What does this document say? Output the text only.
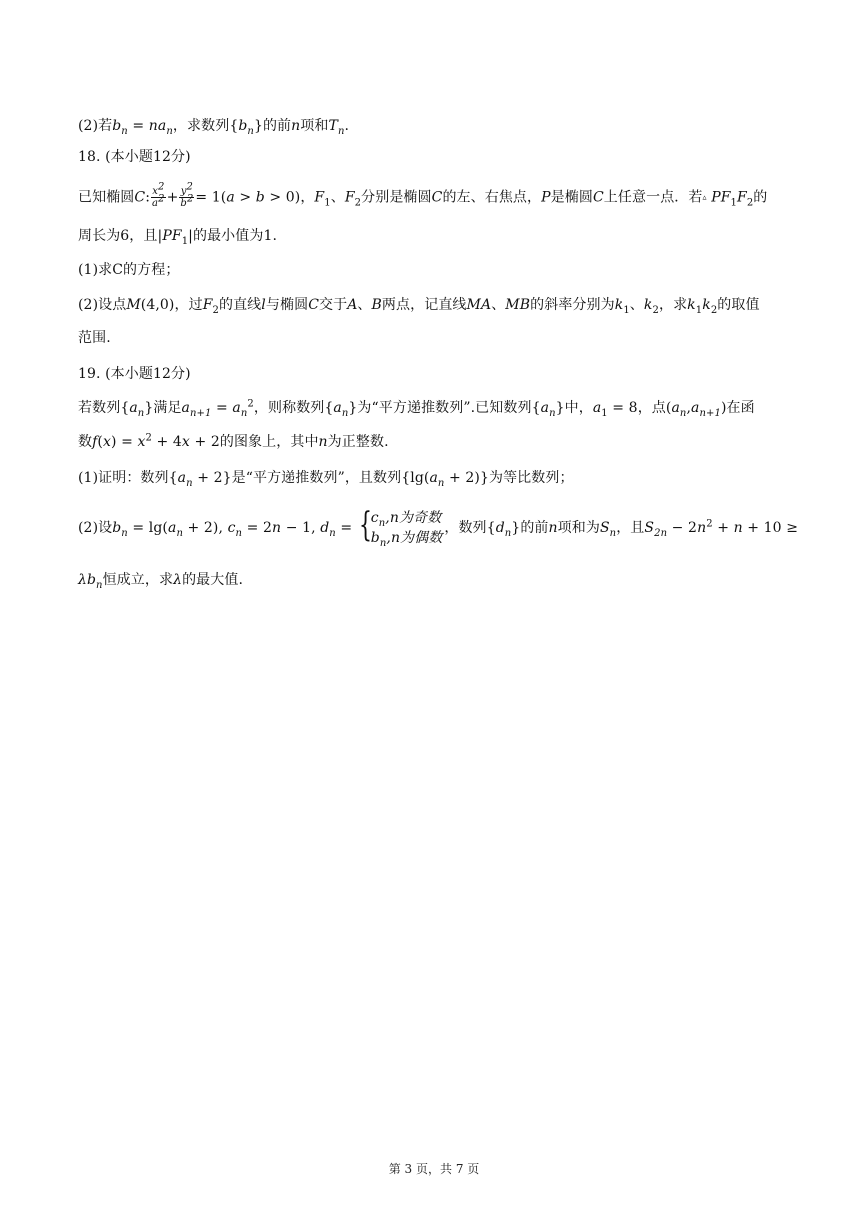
(2)若$b_n = na_n$，求数列$\{b_n\}$的前n项和$T_n$.
18. (本小题12分)
已知椭圆C: $\frac{x^2}{a^2} + \frac{y^2}{b^2} = 1(a > b > 0)$，$F_1$、$F_2$分别是椭圆C的左、右焦点，P是椭圆C上任意一点．若▵ $PF_1F_2$的
周长为6，且$|PF_1|$的最小值为1.
(1)求C的方程；
(2)设点M(4,0)，过$F_2$的直线l与椭圆C交于A、B两点，记直线MA、MB的斜率分别为$k_1$、$k_2$，求$k_1k_2$的取值
范围.
19. (本小题12分)
若数列$\{a_n\}$满足$a_{n+1} = a_n^2$，则称数列$\{a_n\}$为“平方递推数列”.已知数列$\{a_n\}$中，$a_1 = 8$，点$(a_n,a_{n+1})$在函
数$f(x) = x^2 + 4x + 2$的图象上，其中n为正整数.
(1)证明：数列$\{a_n + 2\}$是“平方递推数列”，且数列$\{\lg(a_n + 2)\}$为等比数列；
(2)设$b_n = \lg(a_n + 2)$, $c_n = 2n - 1$, $d_n$ = {
$c_n,n$为奇数
$b_n,n$为偶数
，数列$\{d_n\}$的前n项和为$S_n$，且$S_{2n} - 2n^2 + n + 10$ ≥
$\lambda b_n$恒成立，求λ的最大值.
第 3 页，共 7 页
